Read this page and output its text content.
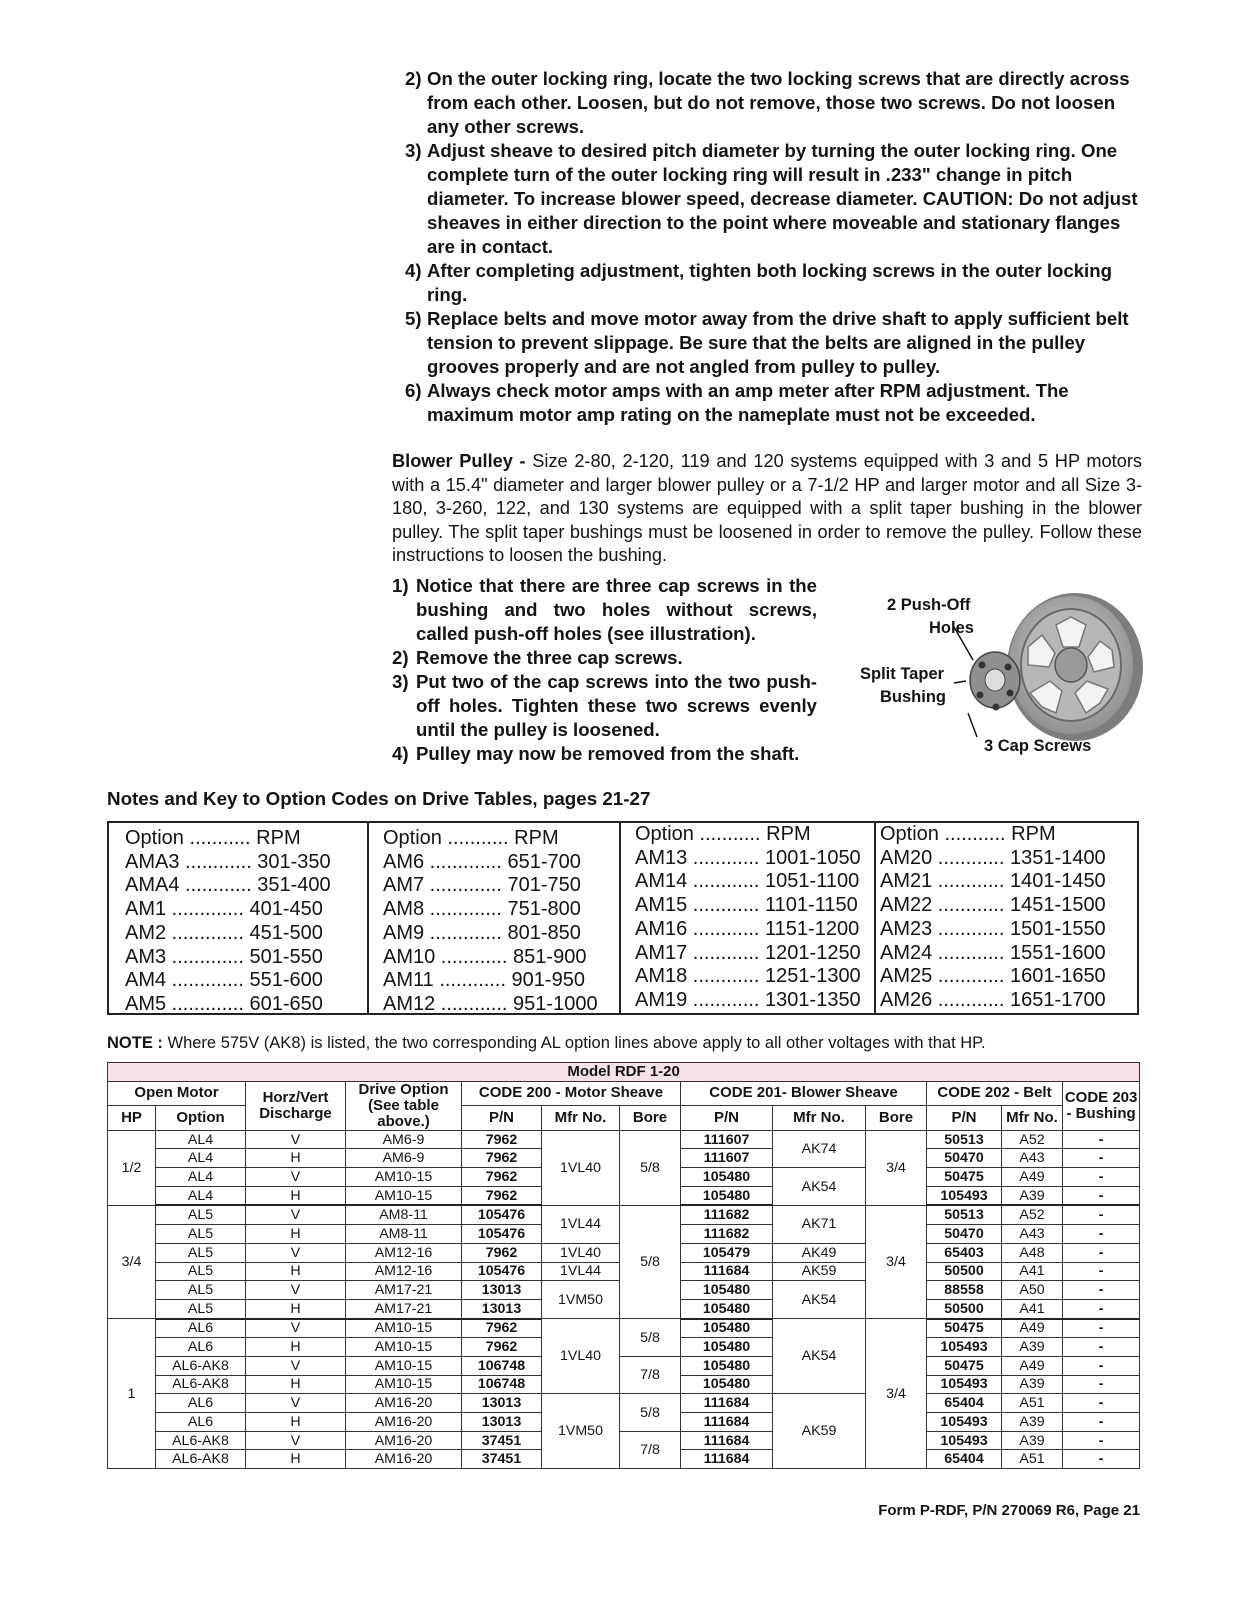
2) On the outer locking ring, locate the two locking screws that are directly across from each other. Loosen, but do not remove, those two screws. Do not loosen any other screws.
3) Adjust sheave to desired pitch diameter by turning the outer locking ring. One complete turn of the outer locking ring will result in .233" change in pitch diameter. To increase blower speed, decrease diameter. CAUTION: Do not adjust sheaves in either direction to the point where moveable and stationary flanges are in contact.
4) After completing adjustment, tighten both locking screws in the outer locking ring.
5) Replace belts and move motor away from the drive shaft to apply sufficient belt tension to prevent slippage. Be sure that the belts are aligned in the pulley grooves properly and are not angled from pulley to pulley.
6) Always check motor amps with an amp meter after RPM adjustment. The maximum motor amp rating on the nameplate must not be exceeded.
Blower Pulley - Size 2-80, 2-120, 119 and 120 systems equipped with 3 and 5 HP motors with a 15.4" diameter and larger blower pulley or a 7-1/2 HP and larger motor and all Size 3-180, 3-260, 122, and 130 systems are equipped with a split taper bushing in the blower pulley. The split taper bushings must be loosened in order to remove the pulley. Follow these instructions to loosen the bushing.
1) Notice that there are three cap screws in the bushing and two holes without screws, called push-off holes (see illustration).
2) Remove the three cap screws.
3) Put two of the cap screws into the two push-off holes. Tighten these two screws evenly until the pulley is loosened.
4) Pulley may now be removed from the shaft.
2 Push-Off
Holes
Split Taper
Bushing
3 Cap Screws
Notes and Key to Option Codes on Drive Tables, pages 21-27
Option ........... RPM
AMA3 ............ 301-350
AMA4 ............ 351-400
AM1 ............. 401-450
AM2 ............. 451-500
AM3 ............. 501-550
AM4 ............. 551-600
AM5 ............. 601-650
Option ........... RPM
AM6 ............. 651-700
AM7 ............. 701-750
AM8 ............. 751-800
AM9 ............. 801-850
AM10 ............ 851-900
AM11 ............ 901-950
AM12 ............ 951-1000
Option ........... RPM
AM13 ............ 1001-1050
AM14 ............ 1051-1100
AM15 ............ 1101-1150
AM16 ............ 1151-1200
AM17 ............ 1201-1250
AM18 ............ 1251-1300
AM19 ............ 1301-1350
Option ........... RPM
AM20 ............ 1351-1400
AM21 ............ 1401-1450
AM22 ............ 1451-1500
AM23 ............ 1501-1550
AM24 ............ 1551-1600
AM25 ............ 1601-1650
AM26 ............ 1651-1700
NOTE : Where 575V (AK8) is listed, the two corresponding AL option lines above apply to all other voltages with that HP.
Model RDF 1-20												
Open Motor		Horz/Vert Discharge	Drive Option (See table above.)	CODE 200 - Motor Sheave			CODE 201- Blower Sheave			CODE 202 - Belt		CODE 203 - Bushing
HP	Option			P/N	Mfr No.	Bore	P/N	Mfr No.	Bore	P/N	Mfr No.	
1/2	AL4	V	AM6-9	7962	1VL40	5/8	111607	AK74	3/4	50513	A52	-
	AL4	H	AM6-9	7962			111607			50470	A43	-
	AL4	V	AM10-15	7962			105480	AK54		50475	A49	-
	AL4	H	AM10-15	7962			105480			105493	A39	-
3/4	AL5	V	AM8-11	105476	1VL44	5/8	111682	AK71	3/4	50513	A52	-
	AL5	H	AM8-11	105476			111682			50470	A43	-
	AL5	V	AM12-16	7962	1VL40		105479	AK49		65403	A48	-
	AL5	H	AM12-16	105476	1VL44		111684	AK59		50500	A41	-
	AL5	V	AM17-21	13013	1VM50		105480	AK54		88558	A50	-
	AL5	H	AM17-21	13013			105480			50500	A41	-
1	AL6	V	AM10-15	7962	1VL40	5/8	105480	AK54	3/4	50475	A49	-
	AL6	H	AM10-15	7962			105480			105493	A39	-
	AL6-AK8	V	AM10-15	106748		7/8	105480			50475	A49	-
	AL6-AK8	H	AM10-15	106748			105480			105493	A39	-
	AL6	V	AM16-20	13013	1VM50	5/8	111684	AK59		65404	A51	-
	AL6	H	AM16-20	13013			111684			105493	A39	-
	AL6-AK8	V	AM16-20	37451		7/8	111684			105493	A39	-
	AL6-AK8	H	AM16-20	37451			111684			65404	A51	-
Form P-RDF, P/N 270069 R6, Page 21
